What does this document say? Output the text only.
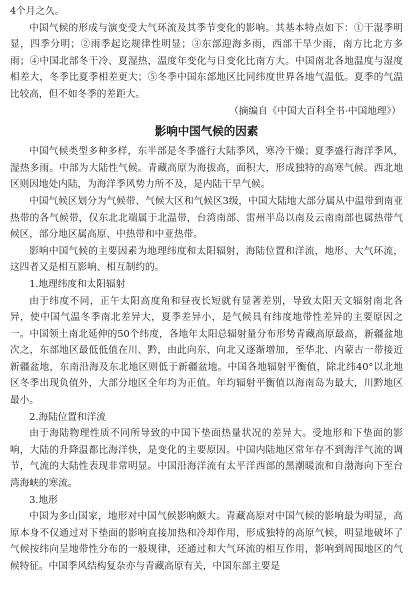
4个月之久。

中国气候的形成与演变受大气环流及其季节变化的影响。其基本特点如下：①干湿季明显，四季分明；②雨季起讫规律性明显；③东部迎海多雨，西部干旱少雨，南方比北方多雨；④中国北部冬干冷、夏湿热，温度年变化与日变化比南方大。中国南北各地温度与湿度相差大，冬季比夏季相差更大；⑤冬季中国东部地区比同纬度世界各地气温低。夏季的气温比较高，但不如冬季的差距大。

（摘编自《中国大百科全书·中国地理》）

影响中国气候的因素

中国气候类型多种多样，东半部是冬季盛行大陆季风，寒冷干燥；夏季盛行海洋季风，湿热多雨。中部为大陆性气候。青藏高原为海拔高，面积大，形成独特的高寒气候。西北地区则因地处内陆，为海洋季风势力所不及，是内陆干旱气候。

中国气候区划分为气候带、气候大区和气候区3级，中国大陆地大部分属从中温带到南亚热带的各气候带，仅东北北端属于北温带，台湾南部、雷州半岛以南及云南南部也属热带气候区，部分地区属高原、中热带和中亚热带。

影响中国气候的主要因素为地理纬度和太阳辐射，海陆位置和洋流，地形、大气环流，这四者又是相互影响、相互制约的。

1.地理纬度和太阳辐射

由于纬度不同，正午太阳高度角和昼夜长短就有显著差别，导致太阳天文辐射南北各异，使中国气温冬季南北差异大，夏季差异小，是气候具有纬度地带性差异的主要原因之一。中国领土南北延伸的50个纬度，各地年太阳总辐射量分布形势青藏高原最高，新疆盆地次之，东部地区最低低值在川、黔，由此向东、向北又逐渐增加，至华北、内蒙古一带接近新疆盆地，东南沿海及东北地区则低于新疆盆地。中国各地辐射平衡值，除北纬40°以北地区冬季出现负值外，大部分地区全年均为正值。年均辐射平衡值以海南岛为最大，川黔地区最小。

2.海陆位置和洋流

由于海陆物理性质不同所导致的中国下垫面热量状况的差异大。受地形和下垫面的影响，大陆的升降温都比海洋快，是变化的主要原因。中国内陆地区常年存不到海洋气流的调节，气流的大陆性表现非常明显。中国沿海洋流有太平洋西部的黑潮暖流和自渤海向下至台湾海峡的寒流。

3.地形

中国为多山国家，地形对中国气候影响颇大。青藏高原对中国气候的影响最为明显，高原本身不仅通过对下垫面的影响直接加热和冷却作用，形成独特的高原气候，明显地破坏了气候按纬向呈地带性分布的一般规律，还通过和大气环流的相互作用，影响到周围地区的气候特征。中国季风结构复杂亦与青藏高原有关，中国东部主要是
